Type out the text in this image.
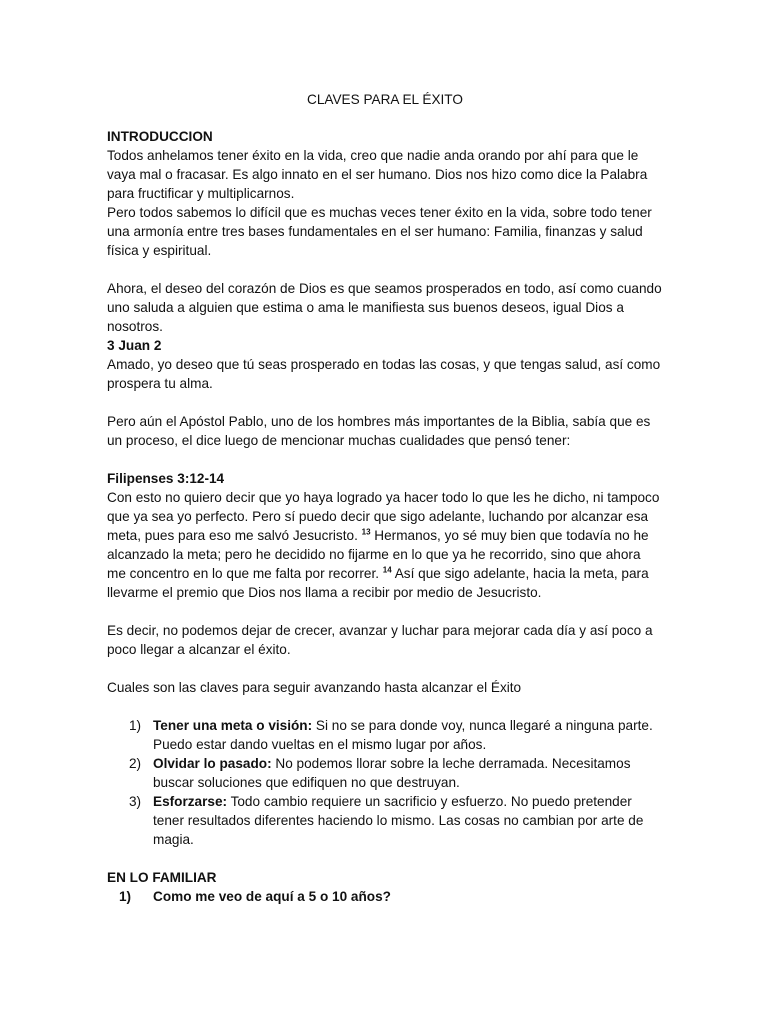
CLAVES PARA EL ÉXITO

INTRODUCCION

Todos anhelamos tener éxito en la vida, creo que nadie anda orando por ahí para que le vaya mal o fracasar. Es algo innato en el ser humano. Dios nos hizo como dice la Palabra para fructificar y multiplicarnos.

Pero todos sabemos lo difícil que es muchas veces tener éxito en la vida, sobre todo tener una armonía entre tres bases fundamentales en el ser humano: Familia, finanzas y salud física y espiritual.

Ahora, el deseo del corazón de Dios es que seamos prosperados en todo, así como cuando uno saluda a alguien que estima o ama le manifiesta sus buenos deseos, igual Dios a nosotros.

3 Juan 2

Amado, yo deseo que tú seas prosperado en todas las cosas, y que tengas salud, así como prospera tu alma.

Pero aún el Apóstol Pablo, uno de los hombres más importantes de la Biblia, sabía que es un proceso, el dice luego de mencionar muchas cualidades que pensó tener:

Filipenses 3:12-14

Con esto no quiero decir que yo haya logrado ya hacer todo lo que les he dicho, ni tampoco que ya sea yo perfecto. Pero sí puedo decir que sigo adelante, luchando por alcanzar esa meta, pues para eso me salvó Jesucristo. $^{13}$ Hermanos, yo sé muy bien que todavía no he alcanzado la meta; pero he decidido no fijarme en lo que ya he recorrido, sino que ahora me concentro en lo que me falta por recorrer. $^{14}$ Así que sigo adelante, hacia la meta, para llevarme el premio que Dios nos llama a recibir por medio de Jesucristo.

Es decir, no podemos dejar de crecer, avanzar y luchar para mejorar cada día y así poco a poco llegar a alcanzar el éxito.

Cuales son las claves para seguir avanzando hasta alcanzar el Éxito

1) Tener una meta o visión: Si no se para donde voy, nunca llegaré a ninguna parte. Puedo estar dando vueltas en el mismo lugar por años.
2) Olvidar lo pasado: No podemos llorar sobre la leche derramada. Necesitamos buscar soluciones que edifiquen no que destruyan.
3) Esforzarse: Todo cambio requiere un sacrificio y esfuerzo. No puedo pretender tener resultados diferentes haciendo lo mismo. Las cosas no cambian por arte de magia.

EN LO FAMILIAR

1) Como me veo de aquí a 5 o 10 años?
